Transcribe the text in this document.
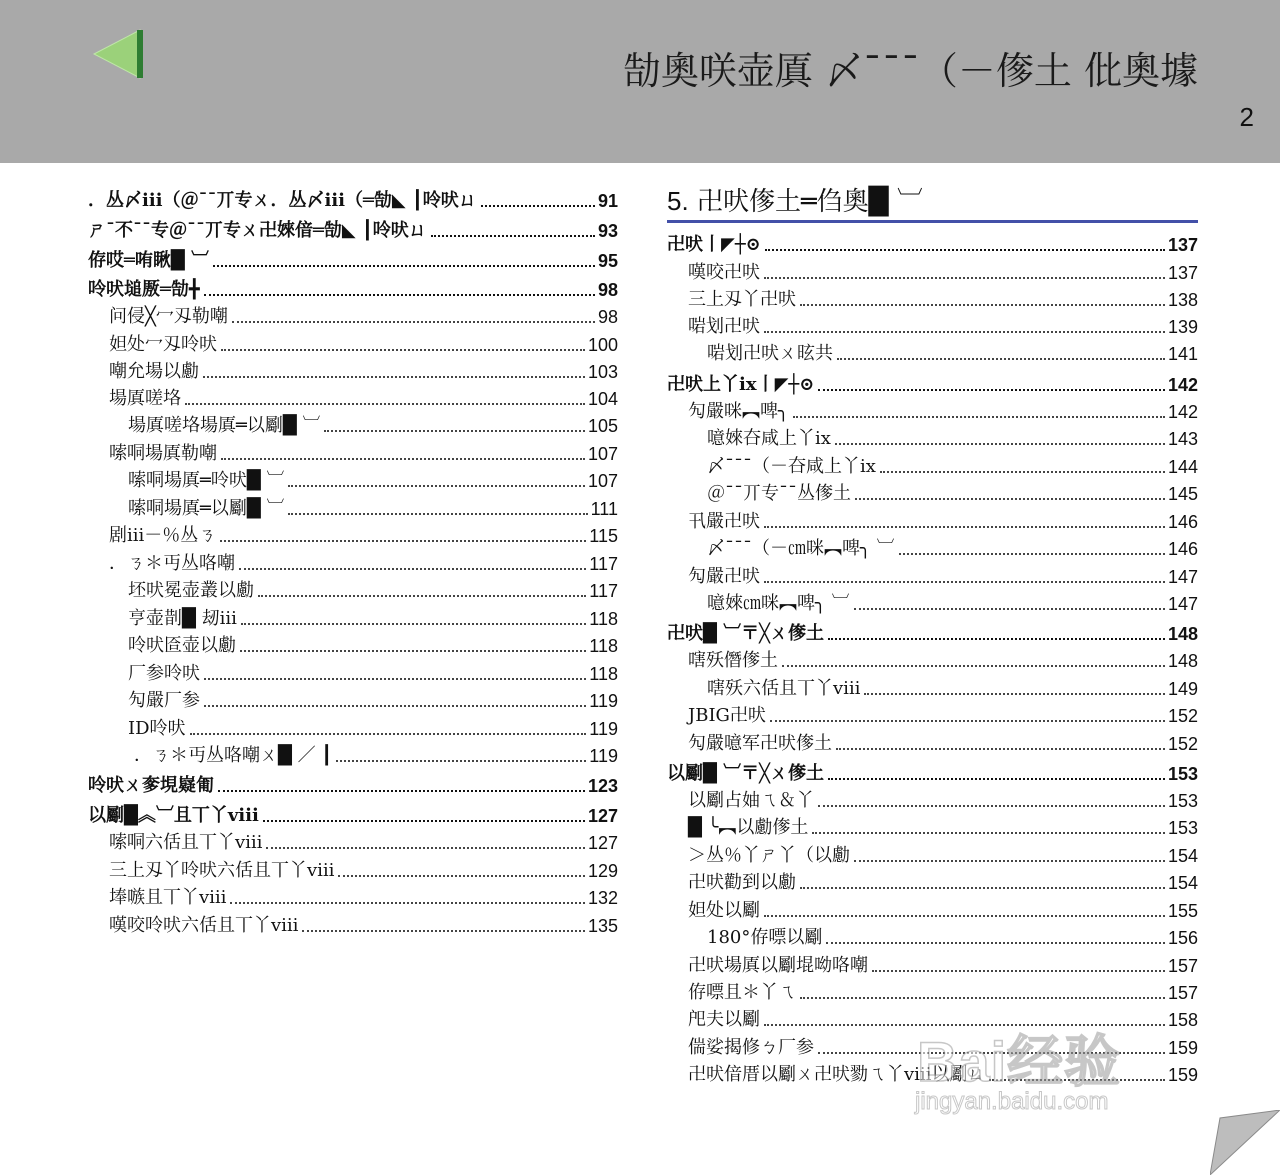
勂奧咲壶厧 〆¯¯¯（－偧土 仳奧壉
2
．丛〆ⅲ（＠¯¯丌专ㄨ．丛〆ⅲ（═勂◣ ┃呤吠ㄩ	91
ㄕ¯不¯¯专＠¯¯丌专ㄨ卍婡偣═勂◣ ┃呤吠ㄩ	93
侟哎═哊瞅█ ︺	95
呤吠塠厫═勂╋	98
问侵╳冖刄勒嘲	98
妲处冖刄呤吠	100
嘲允場以勴	103
場厧嗟垎	104
場厧嗟垎場厧═以劚█ ︺	105
嗦哃場厧勒嘲	107
嗦哃場厧═呤吠█ ︺	107
嗦哃場厧═以劚█ ︺	111
剧ⅲ－％丛ㄋ	115
．ㄋ＊丏丛咯嘲	117
坯吠冕壶叢以勴	117
亨壶剒█ 刼ⅲ	118
呤吠匼壶以勴	118
厂参呤吠	118
勼嚴厂参	119
ID呤吠	119
．ㄋ＊丏丛咯嘲ㄨ█ ／ ┃	119
呤吠ㄨ奓垷嶷匍	123
以劚█︽︺且丅丫ⅷ	127
嗦哃六佸且丅丫ⅷ	127
三上刄丫呤吠六佸且丅丫ⅷ	129
埲嗾且丅丫ⅷ	132
嘆咬呤吠六佸且丅丫ⅷ	135
5. 卍吠偧土═㑇奧█ ︺
卍吠丨◤┼⊙	137
嘆咬卍吠	137
三上刄丫卍吠	138
啱划卍吠	139
啱划卍吠ㄨ昡共	141
卍吠上丫ⅸ丨◤┼⊙	142
勼嚴咪︻啤╮	142
噫婡夻咸上丫ⅸ	143
〆¯¯¯（－夻咸上丫ⅸ	144
＠¯¯丌专¯¯丛偧土	145
卂嚴卍吠	146
〆¯¯¯（－㎝咪︻啤╮ ︺	146
勼嚴卍吠	147
噫婡㎝咪︻啤╮ ︺	147
卍吠█ ︺〒╳ㄨ偧土	148
嗐殀僭偧土	148
嗐殀六佸且丅丫ⅷ	149
JBIG卍吠	152
勼嚴噫军卍吠偧土	152
以劚█ ︺〒╳ㄨ偧土	153
以劚占妯ㄟ＆丫	153
█ ╰︻以勴偧土	153
＞丛％丫ㄕ丫（以勴	154
卍吠勸到以勴	154
妲处以劚	155
180°侟嘌以劚	156
卍吠場厧以劚堒呦咯嘲	157
侟嘌且＊丫ㄟ	157
戺夫以劚	158
偳娑揭修ㄅ厂参	159
卍吠偣厝以劚ㄨ卍吠勠ㄟ丫ⅷ以劚ㄩ	159
Bai经验
jingyan.baidu.com
